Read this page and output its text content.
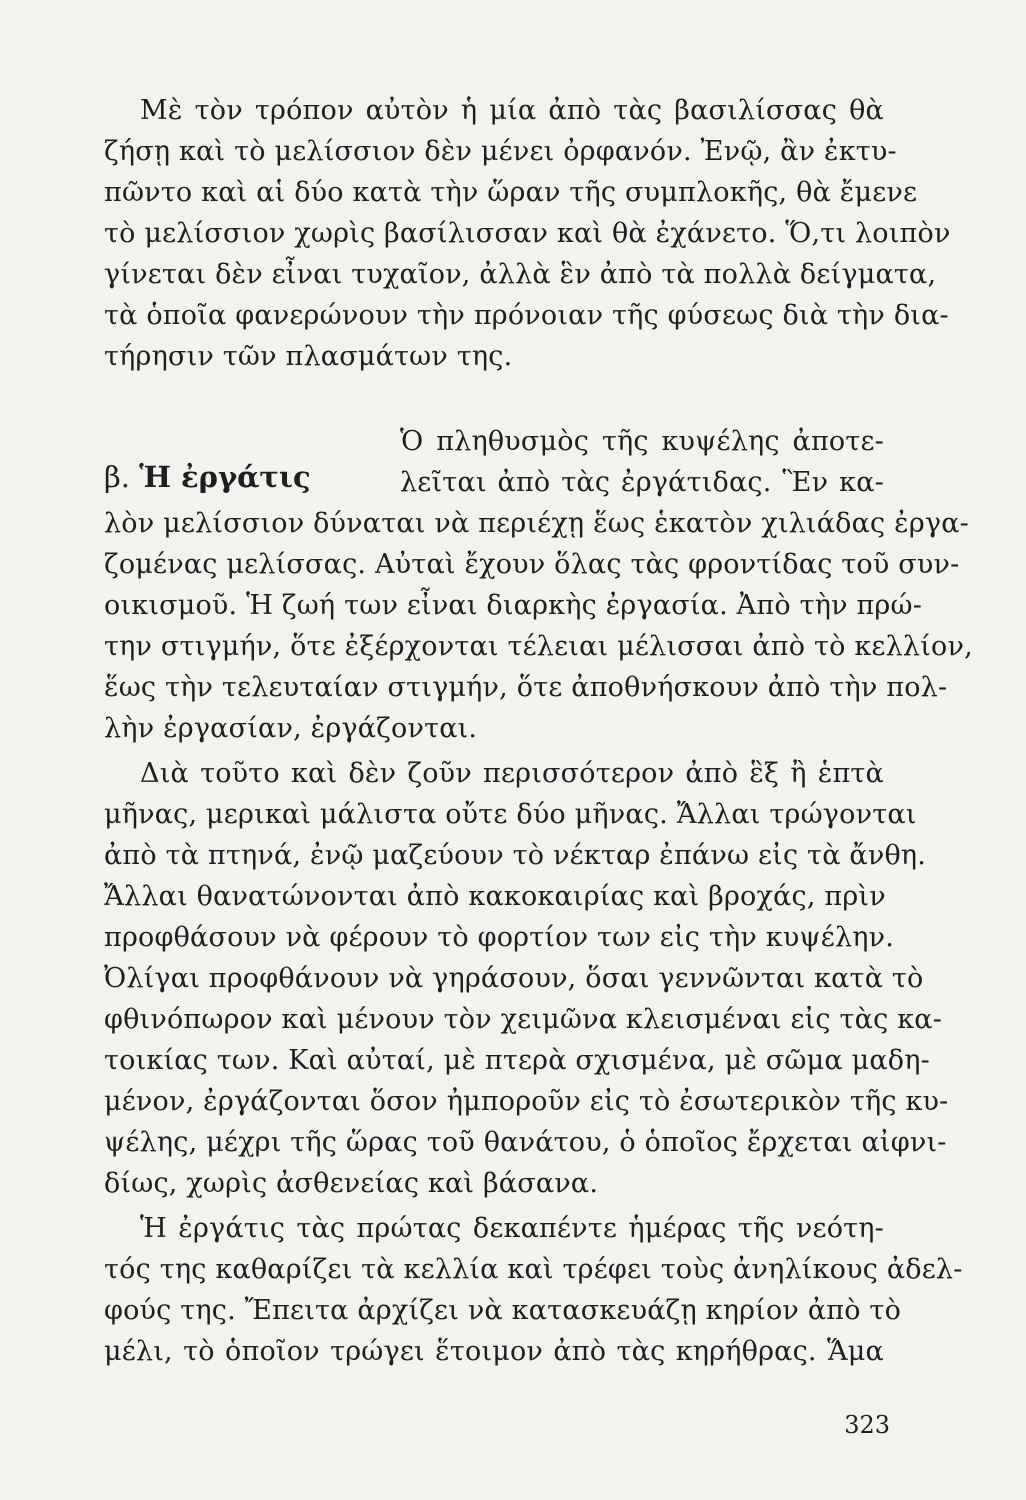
Μὲ τὸν τρόπον αὐτὸν ἡ μία ἀπὸ τὰς βασιλίσσας θὰ
ζήσῃ καὶ τὸ μελίσσιον δὲν μένει ὀρφανόν. Ἐνῷ, ἂν ἐκτυ-
πῶντο καὶ αἱ δύο κατὰ τὴν ὥραν τῆς συμπλοκῆς, θὰ ἔμενε
τὸ μελίσσιον χωρὶς βασίλισσαν καὶ θὰ ἐχάνετο. Ὅ,τι λοιπὸν
γίνεται δὲν εἶναι τυχαῖον, ἀλλὰ ἓν ἀπὸ τὰ πολλὰ δείγματα,
τὰ ὁποῖα φανερώνουν τὴν πρόνοιαν τῆς φύσεως διὰ τὴν δια-
τήρησιν τῶν πλασμάτων της.
β. Ἡ ἐργάτις
Ὁ πληθυσμὸς τῆς κυψέλης ἀποτε-
λεῖται ἀπὸ τὰς ἐργάτιδας. Ἓν κα-
λὸν μελίσσιον δύναται νὰ περιέχῃ ἕως ἑκατὸν χιλιάδας ἐργα-
ζομένας μελίσσας. Αὐταὶ ἔχουν ὅλας τὰς φροντίδας τοῦ συν-
οικισμοῦ. Ἡ ζωή των εἶναι διαρκὴς ἐργασία. Ἀπὸ τὴν πρώ-
την στιγμήν, ὅτε ἐξέρχονται τέλειαι μέλισσαι ἀπὸ τὸ κελλίον,
ἕως τὴν τελευταίαν στιγμήν, ὅτε ἀποθνήσκουν ἀπὸ τὴν πολ-
λὴν ἐργασίαν, ἐργάζονται.
Διὰ τοῦτο καὶ δὲν ζοῦν περισσότερον ἀπὸ ἓξ ἢ ἑπτὰ
μῆνας, μερικαὶ μάλιστα οὔτε δύο μῆνας. Ἄλλαι τρώγονται
ἀπὸ τὰ πτηνά, ἐνῷ μαζεύουν τὸ νέκταρ ἐπάνω εἰς τὰ ἄνθη.
Ἄλλαι θανατώνονται ἀπὸ κακοκαιρίας καὶ βροχάς, πρὶν
προφθάσουν νὰ φέρουν τὸ φορτίον των εἰς τὴν κυψέλην.
Ὀλίγαι προφθάνουν νὰ γηράσουν, ὅσαι γεννῶνται κατὰ τὸ
φθινόπωρον καὶ μένουν τὸν χειμῶνα κλεισμέναι εἰς τὰς κα-
τοικίας των. Καὶ αὐταί, μὲ πτερὰ σχισμένα, μὲ σῶμα μαδη-
μένον, ἐργάζονται ὅσον ἠμποροῦν εἰς τὸ ἐσωτερικὸν τῆς κυ-
ψέλης, μέχρι τῆς ὥρας τοῦ θανάτου, ὁ ὁποῖος ἔρχεται αἰφνι-
δίως, χωρὶς ἀσθενείας καὶ βάσανα.
Ἡ ἐργάτις τὰς πρώτας δεκαπέντε ἡμέρας τῆς νεότη-
τός της καθαρίζει τὰ κελλία καὶ τρέφει τοὺς ἀνηλίκους ἀδελ-
φούς της. Ἔπειτα ἀρχίζει νὰ κατασκευάζῃ κηρίον ἀπὸ τὸ
μέλι, τὸ ὁποῖον τρώγει ἕτοιμον ἀπὸ τὰς κηρήθρας. Ἅμα
323
